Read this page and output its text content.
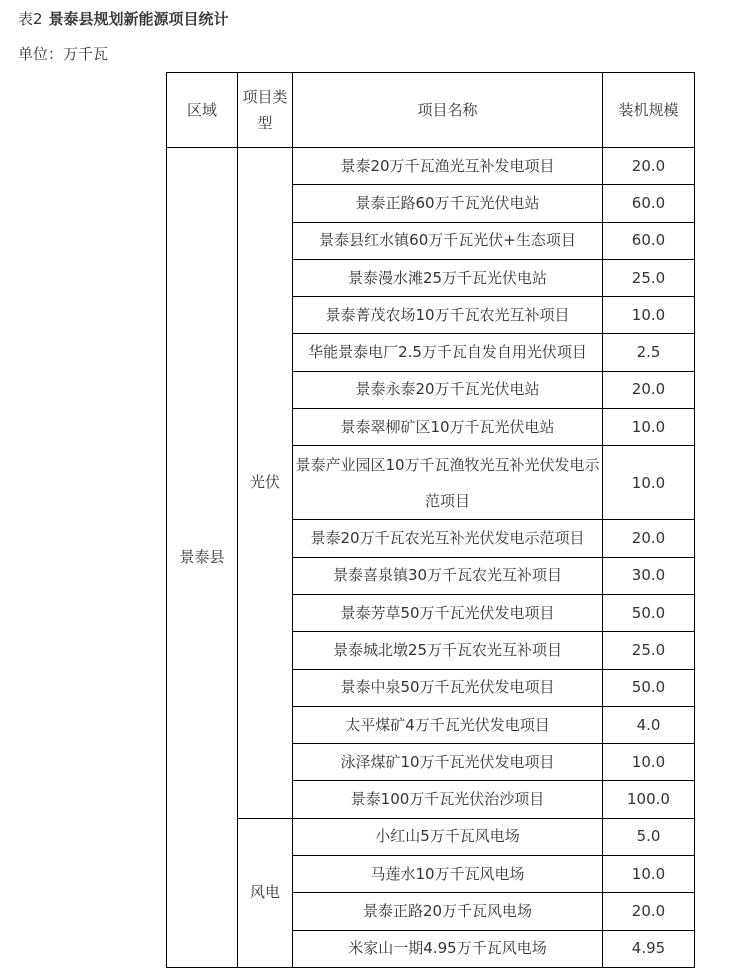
表2 景泰县规划新能源项目统计
单位：万千瓦
区域	项目类型	项目名称	装机规模
景泰县	光伏	景泰20万千瓦渔光互补发电项目	20.0
		景泰正路60万千瓦光伏电站	60.0
		景泰县红水镇60万千瓦光伏+生态项目	60.0
		景泰漫水滩25万千瓦光伏电站	25.0
		景泰菁茂农场10万千瓦农光互补项目	10.0
		华能景泰电厂2.5万千瓦自发自用光伏项目	2.5
		景泰永泰20万千瓦光伏电站	20.0
		景泰翠柳矿区10万千瓦光伏电站	10.0
		景泰产业园区10万千瓦渔牧光互补光伏发电示范项目	10.0
		景泰20万千瓦农光互补光伏发电示范项目	20.0
		景泰喜泉镇30万千瓦农光互补项目	30.0
		景泰芳草50万千瓦光伏发电项目	50.0
		景泰城北墩25万千瓦农光互补项目	25.0
		景泰中泉50万千瓦光伏发电项目	50.0
		太平煤矿4万千瓦光伏发电项目	4.0
		泳泽煤矿10万千瓦光伏发电项目	10.0
		景泰100万千瓦光伏治沙项目	100.0
	风电	小红山5万千瓦风电场	5.0
		马莲水10万千瓦风电场	10.0
		景泰正路20万千瓦风电场	20.0
		米家山一期4.95万千瓦风电场	4.95
